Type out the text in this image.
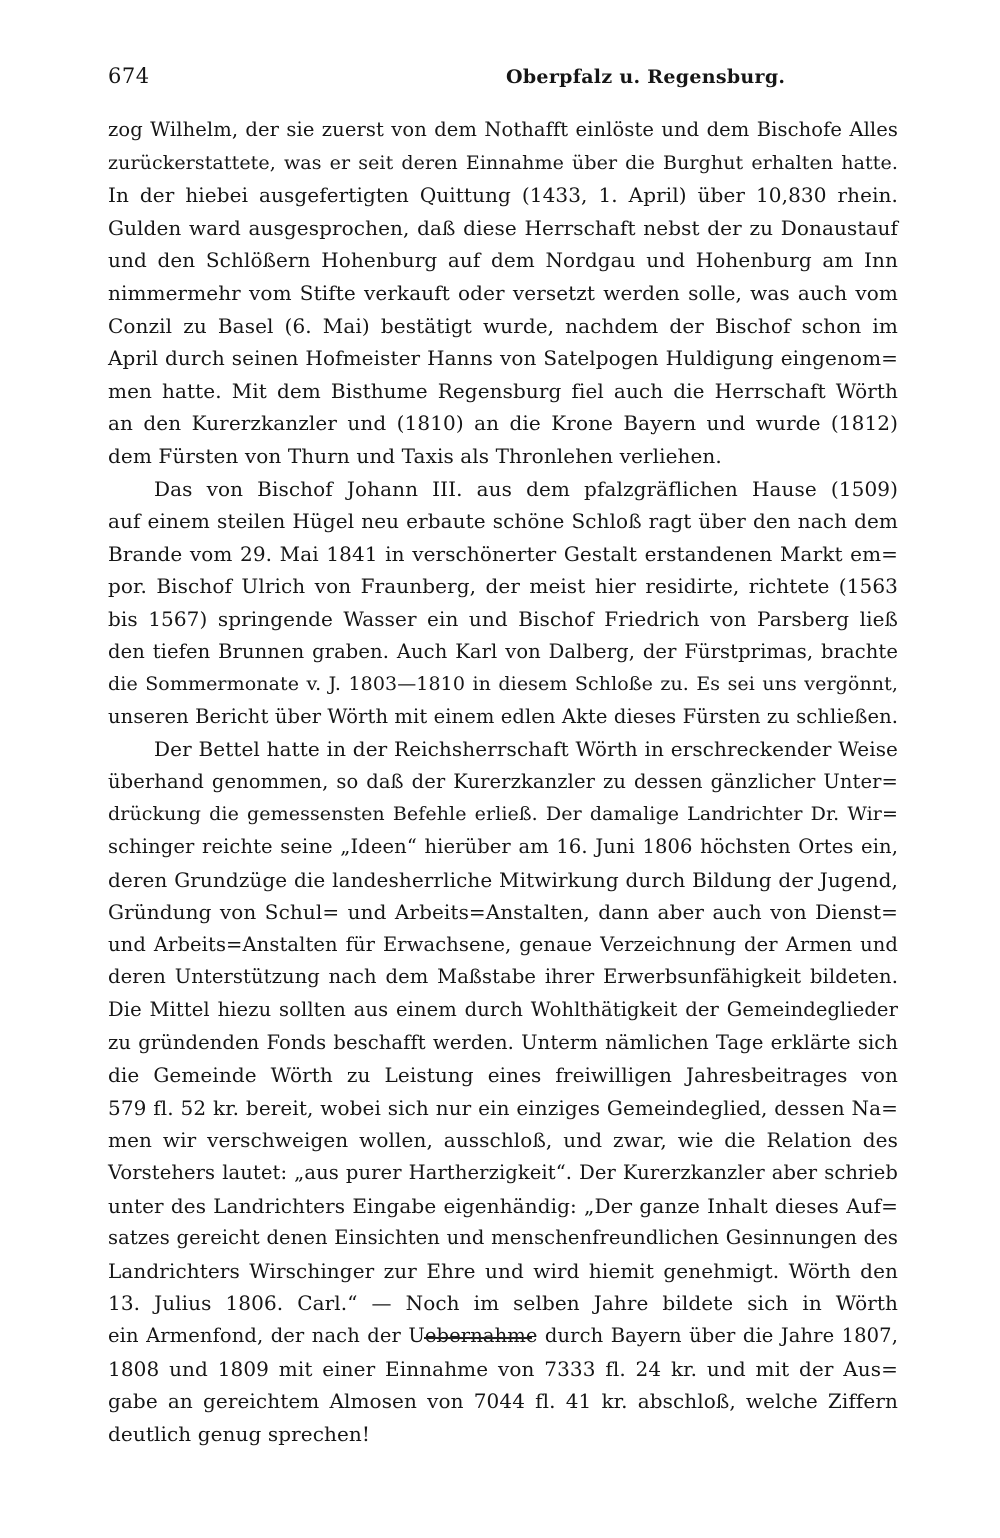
674	Oberpfalz u. Regensburg.
zog Wilhelm, der sie zuerst von dem Nothafft einlöste und dem Bischofe Alles
zurückerstattete, was er seit deren Einnahme über die Burghut erhalten hatte.
In der hiebei ausgefertigten Quittung (1433, 1. April) über 10,830 rhein.
Gulden ward ausgesprochen, daß diese Herrschaft nebst der zu Donaustauf
und den Schlößern Hohenburg auf dem Nordgau und Hohenburg am Inn
nimmermehr vom Stifte verkauft oder versetzt werden solle, was auch vom
Conzil zu Basel (6. Mai) bestätigt wurde, nachdem der Bischof schon im
April durch seinen Hofmeister Hanns von Satelpogen Huldigung eingenom=
men hatte. Mit dem Bisthume Regensburg fiel auch die Herrschaft Wörth
an den Kurerzkanzler und (1810) an die Krone Bayern und wurde (1812)
dem Fürsten von Thurn und Taxis als Thronlehen verliehen.
Das von Bischof Johann III. aus dem pfalzgräflichen Hause (1509)
auf einem steilen Hügel neu erbaute schöne Schloß ragt über den nach dem
Brande vom 29. Mai 1841 in verschönerter Gestalt erstandenen Markt em=
por. Bischof Ulrich von Fraunberg, der meist hier residirte, richtete (1563
bis 1567) springende Wasser ein und Bischof Friedrich von Parsberg ließ
den tiefen Brunnen graben. Auch Karl von Dalberg, der Fürstprimas, brachte
die Sommermonate v. J. 1803—1810 in diesem Schloße zu. Es sei uns vergönnt,
unseren Bericht über Wörth mit einem edlen Akte dieses Fürsten zu schließen.
Der Bettel hatte in der Reichsherrschaft Wörth in erschreckender Weise
überhand genommen, so daß der Kurerzkanzler zu dessen gänzlicher Unter=
drückung die gemessensten Befehle erließ. Der damalige Landrichter Dr. Wir=
schinger reichte seine „Ideen“ hierüber am 16. Juni 1806 höchsten Ortes ein,
deren Grundzüge die landesherrliche Mitwirkung durch Bildung der Jugend,
Gründung von Schul= und Arbeits=Anstalten, dann aber auch von Dienst=
und Arbeits=Anstalten für Erwachsene, genaue Verzeichnung der Armen und
deren Unterstützung nach dem Maßstabe ihrer Erwerbsunfähigkeit bildeten.
Die Mittel hiezu sollten aus einem durch Wohlthätigkeit der Gemeindeglieder
zu gründenden Fonds beschafft werden. Unterm nämlichen Tage erklärte sich
die Gemeinde Wörth zu Leistung eines freiwilligen Jahresbeitrages von
579 fl. 52 kr. bereit, wobei sich nur ein einziges Gemeindeglied, dessen Na=
men wir verschweigen wollen, ausschloß, und zwar, wie die Relation des
Vorstehers lautet: „aus purer Hartherzigkeit“. Der Kurerzkanzler aber schrieb
unter des Landrichters Eingabe eigenhändig: „Der ganze Inhalt dieses Auf=
satzes gereicht denen Einsichten und menschenfreundlichen Gesinnungen des
Landrichters Wirschinger zur Ehre und wird hiemit genehmigt. Wörth den
13. Julius 1806. Carl.“ — Noch im selben Jahre bildete sich in Wörth
ein Armenfond, der nach der Uebernahme durch Bayern über die Jahre 1807,
1808 und 1809 mit einer Einnahme von 7333 fl. 24 kr. und mit der Aus=
gabe an gereichtem Almosen von 7044 fl. 41 kr. abschloß, welche Ziffern
deutlich genug sprechen!
